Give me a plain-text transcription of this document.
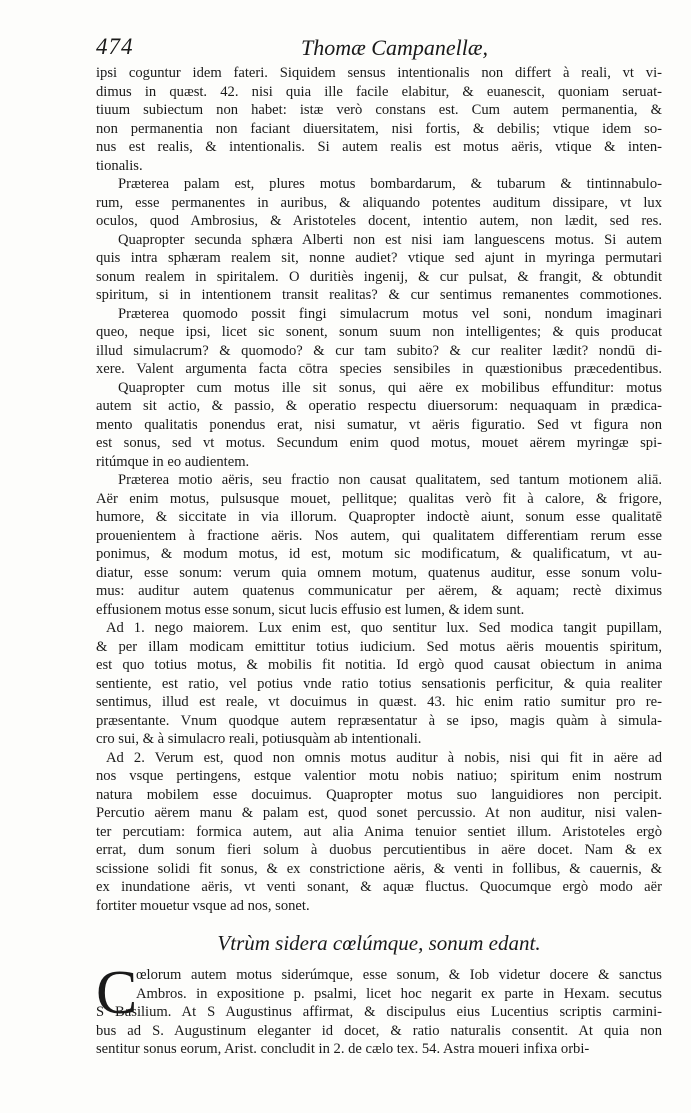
474	Thomæ Campanellæ,
ipsi coguntur idem fateri. Siquidem sensus intentionalis non differt à reali, vt vi-
dimus in quæst. 42. nisi quia ille facile elabitur, & euanescit, quoniam seruat-
tiuum subiectum non habet: istæ verò constans est. Cum autem permanentia, &
non permanentia non faciant diuersitatem, nisi fortis, & debilis; vtique idem so-
nus est realis, & intentionalis. Si autem realis est motus aëris, vtique & inten-
tionalis.
Præterea palam est, plures motus bombardarum, & tubarum & tintinnabulo-
rum, esse permanentes in auribus, & aliquando potentes auditum dissipare, vt lux
oculos, quod Ambrosius, & Aristoteles docent, intentio autem, non lædit, sed res.
Quapropter secunda sphæra Alberti non est nisi iam languescens motus. Si autem
quis intra sphæram realem sit, nonne audiet? vtique sed ajunt in myringa permutari
sonum realem in spiritalem. O duritiès ingenij, & cur pulsat, & frangit, & obtundit
spiritum, si in intentionem transit realitas? & cur sentimus remanentes commotiones.
Præterea quomodo possit fingi simulacrum motus vel soni, nondum imaginari
queo, neque ipsi, licet sic sonent, sonum suum non intelligentes; & quis producat
illud simulacrum? & quomodo? & cur tam subito? & cur realiter lædit? nondū di-
xere. Valent argumenta facta cōtra species sensibiles in quæstionibus præcedentibus.
Quapropter cum motus ille sit sonus, qui aëre ex mobilibus effunditur: motus
autem sit actio, & passio, & operatio respectu diuersorum: nequaquam in prædica-
mento qualitatis ponendus erat, nisi sumatur, vt aëris figuratio. Sed vt figura non
est sonus, sed vt motus. Secundum enim quod motus, mouet aërem myringæ spi-
ritúmque in eo audientem.
Præterea motio aëris, seu fractio non causat qualitatem, sed tantum motionem aliā.
Aër enim motus, pulsusque mouet, pellitque; qualitas verò fit à calore, & frigore,
humore, & siccitate in via illorum. Quapropter indoctè aiunt, sonum esse qualitatē
prouenientem à fractione aëris. Nos autem, qui qualitatem differentiam rerum esse
ponimus, & modum motus, id est, motum sic modificatum, & qualificatum, vt au-
diatur, esse sonum: verum quia omnem motum, quatenus auditur, esse sonum volu-
mus: auditur autem quatenus communicatur per aërem, & aquam; rectè diximus
effusionem motus esse sonum, sicut lucis effusio est lumen, & idem sunt.
Ad 1. nego maiorem. Lux enim est, quo sentitur lux. Sed modica tangit pupillam,
& per illam modicam emittitur totius iudicium. Sed motus aëris mouentis spiritum,
est quo totius motus, & mobilis fit notitia. Id ergò quod causat obiectum in anima
sentiente, est ratio, vel potius vnde ratio totius sensationis perficitur, & quia realiter
sentimus, illud est reale, vt docuimus in quæst. 43. hic enim ratio sumitur pro re-
præsentante. Vnum quodque autem repræsentatur à se ipso, magis quàm à simula-
cro sui, & à simulacro reali, potiusquàm ab intentionali.
Ad 2. Verum est, quod non omnis motus auditur à nobis, nisi qui fit in aëre ad
nos vsque pertingens, estque valentior motu nobis natiuo; spiritum enim nostrum
natura mobilem esse docuimus. Quapropter motus suo languidiores non percipit.
Percutio aërem manu & palam est, quod sonet percussio. At non auditur, nisi valen-
ter percutiam: formica autem, aut alia Anima tenuior sentiet illum. Aristoteles ergò
errat, dum sonum fieri solum à duobus percutientibus in aëre docet. Nam & ex
scissione solidi fit sonus, & ex constrictione aëris, & venti in follibus, & cauernis, &
ex inundatione aëris, vt venti sonant, & aquæ fluctus. Quocumque ergò modo aër
fortiter mouetur vsque ad nos, sonet.
Vtrùm sidera cœlúmque, sonum edant.
C
œlorum autem motus siderúmque, esse sonum, & Iob videtur docere & sanctus
Ambros. in expositione p. psalmi, licet hoc negarit ex parte in Hexam. secutus
S Basilium. At S Augustinus affirmat, & discipulus eius Lucentius scriptis carmini-
bus ad S. Augustinum eleganter id docet, & ratio naturalis consentit. At quia non
sentitur sonus eorum, Arist. concludit in 2. de cælo tex. 54. Astra moueri infixa orbi-
